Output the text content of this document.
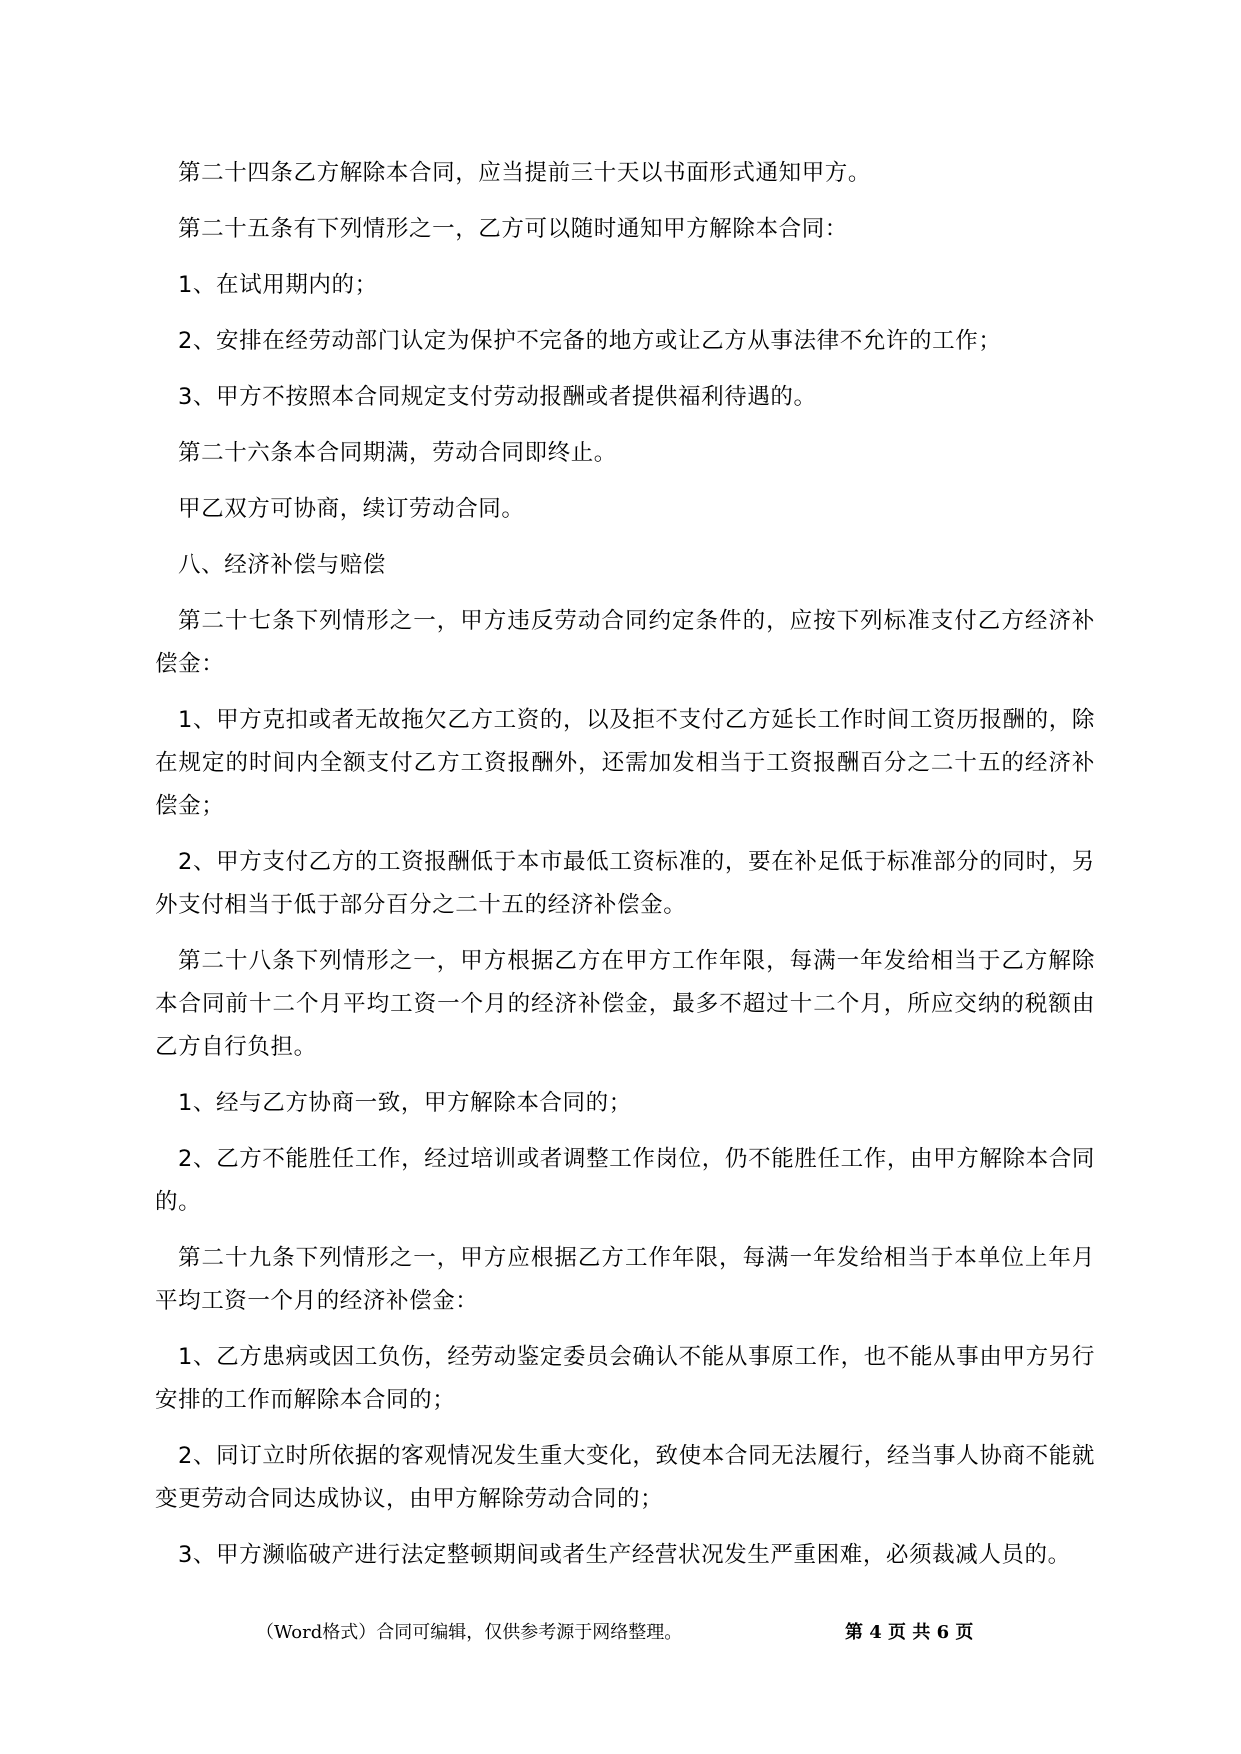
第二十四条乙方解除本合同，应当提前三十天以书面形式通知甲方。

第二十五条有下列情形之一，乙方可以随时通知甲方解除本合同：

1、在试用期内的；

2、安排在经劳动部门认定为保护不完备的地方或让乙方从事法律不允许的工作；

3、甲方不按照本合同规定支付劳动报酬或者提供福利待遇的。

第二十六条本合同期满，劳动合同即终止。

甲乙双方可协商，续订劳动合同。

八、经济补偿与赔偿

第二十七条下列情形之一，甲方违反劳动合同约定条件的，应按下列标准支付乙方经济补偿金：

1、甲方克扣或者无故拖欠乙方工资的，以及拒不支付乙方延长工作时间工资历报酬的，除在规定的时间内全额支付乙方工资报酬外，还需加发相当于工资报酬百分之二十五的经济补偿金；

2、甲方支付乙方的工资报酬低于本市最低工资标准的，要在补足低于标准部分的同时，另外支付相当于低于部分百分之二十五的经济补偿金。

第二十八条下列情形之一，甲方根据乙方在甲方工作年限，每满一年发给相当于乙方解除本合同前十二个月平均工资一个月的经济补偿金，最多不超过十二个月，所应交纳的税额由乙方自行负担。

1、经与乙方协商一致，甲方解除本合同的；

2、乙方不能胜任工作，经过培训或者调整工作岗位，仍不能胜任工作，由甲方解除本合同的。

第二十九条下列情形之一，甲方应根据乙方工作年限，每满一年发给相当于本单位上年月平均工资一个月的经济补偿金：

1、乙方患病或因工负伤，经劳动鉴定委员会确认不能从事原工作，也不能从事由甲方另行安排的工作而解除本合同的；

2、同订立时所依据的客观情况发生重大变化，致使本合同无法履行，经当事人协商不能就变更劳动合同达成协议，由甲方解除劳动合同的；

3、甲方濒临破产进行法定整顿期间或者生产经营状况发生严重困难，必须裁减人员的。

（Word格式）合同可编辑，仅供参考源于网络整理。	第 4 页 共 6 页
